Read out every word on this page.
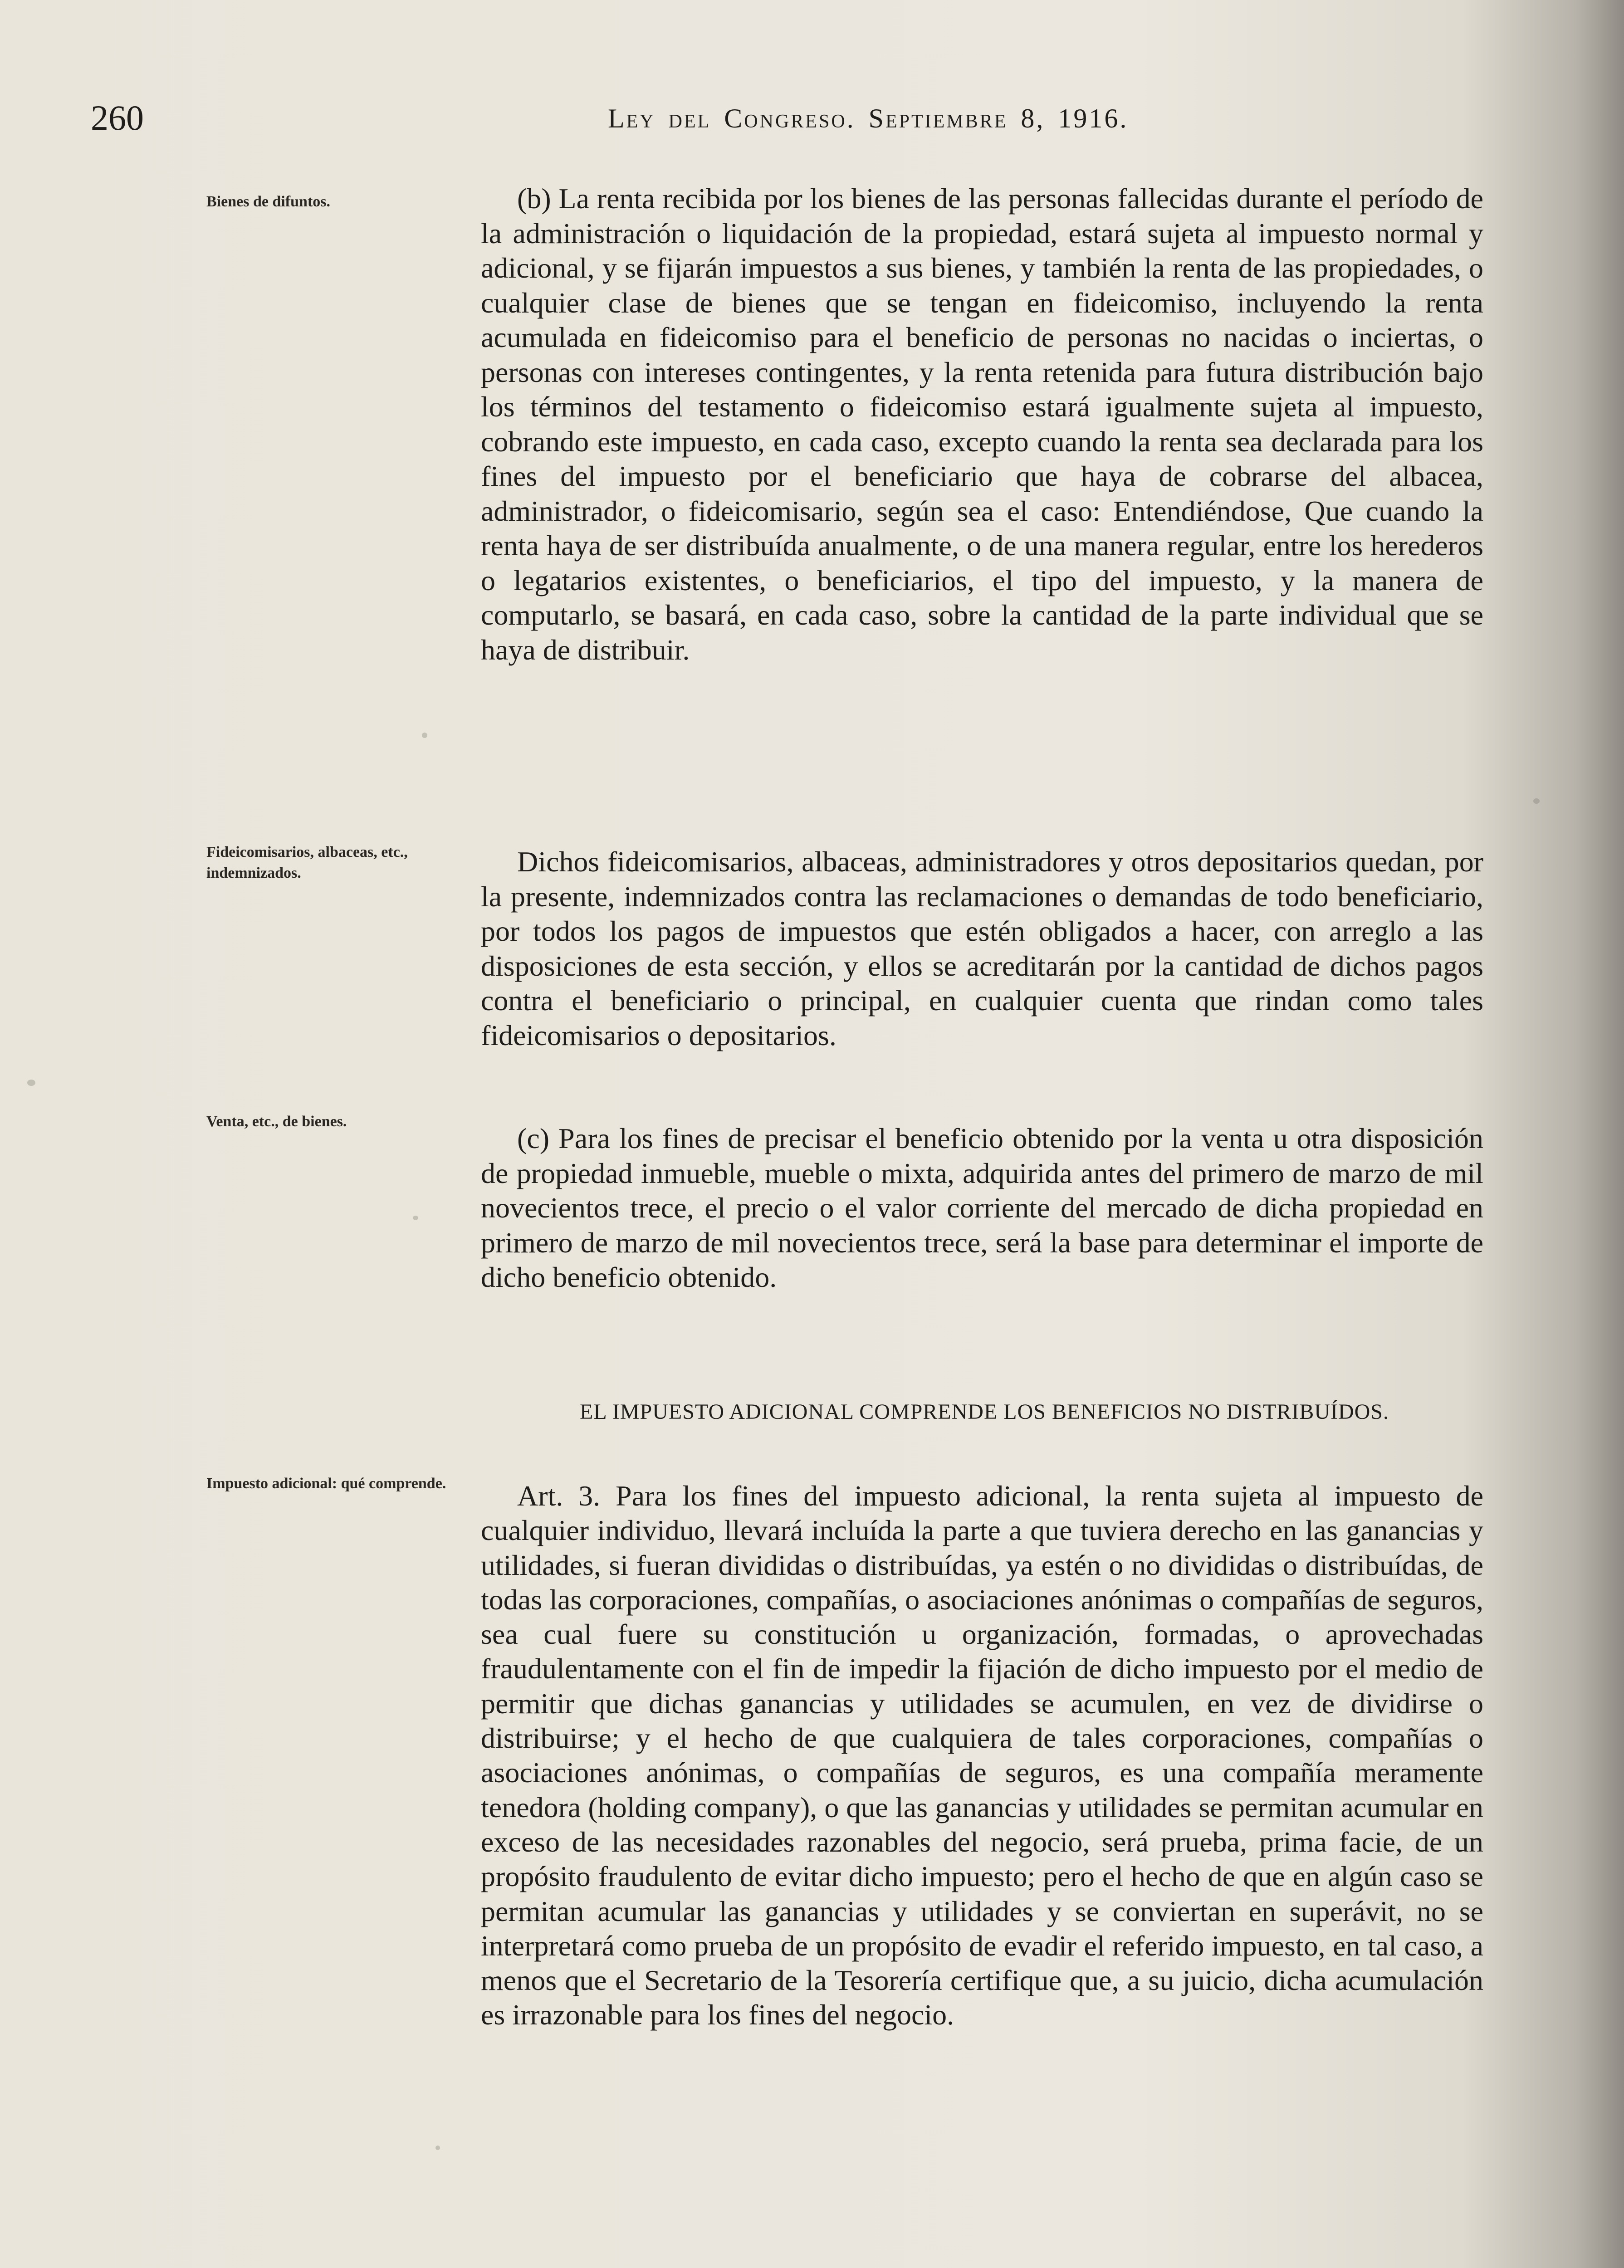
260	Ley del Congreso. Septiembre 8, 1916.
Bienes de difuntos.
Fideicomisarios, albaceas, etc., indemnizados.
Venta, etc., de bienes.
Impuesto adicional: qué comprende.

(b) La renta recibida por los bienes de las personas fallecidas durante el período de la administración o liquidación de la propiedad, estará sujeta al impuesto normal y adicional, y se fijarán impuestos a sus bienes, y también la renta de las propiedades, o cualquier clase de bienes que se tengan en fideicomiso, incluyendo la renta acumulada en fideicomiso para el beneficio de personas no nacidas o inciertas, o personas con intereses contingentes, y la renta retenida para futura distribución bajo los términos del testamento o fideicomiso estará igualmente sujeta al impuesto, cobrando este impuesto, en cada caso, excepto cuando la renta sea declarada para los fines del impuesto por el beneficiario que haya de cobrarse del albacea, administrador, o fideicomisario, según sea el caso: Entendiéndose, Que cuando la renta haya de ser distribuída anualmente, o de una manera regular, entre los herederos o legatarios existentes, o beneficiarios, el tipo del impuesto, y la manera de computarlo, se basará, en cada caso, sobre la cantidad de la parte individual que se haya de distribuir.

Dichos fideicomisarios, albaceas, administradores y otros depositarios quedan, por la presente, indemnizados contra las reclamaciones o demandas de todo beneficiario, por todos los pagos de impuestos que estén obligados a hacer, con arreglo a las disposiciones de esta sección, y ellos se acreditarán por la cantidad de dichos pagos contra el beneficiario o principal, en cualquier cuenta que rindan como tales fideicomisarios o depositarios.

(c) Para los fines de precisar el beneficio obtenido por la venta u otra disposición de propiedad inmueble, mueble o mixta, adquirida antes del primero de marzo de mil novecientos trece, el precio o el valor corriente del mercado de dicha propiedad en primero de marzo de mil novecientos trece, será la base para determinar el importe de dicho beneficio obtenido.

EL IMPUESTO ADICIONAL COMPRENDE LOS BENEFICIOS NO DISTRIBUÍDOS.

Art. 3. Para los fines del impuesto adicional, la renta sujeta al impuesto de cualquier individuo, llevará incluída la parte a que tuviera derecho en las ganancias y utilidades, si fueran divididas o distribuídas, ya estén o no divididas o distribuídas, de todas las corporaciones, compañías, o asociaciones anónimas o compañías de seguros, sea cual fuere su constitución u organización, formadas, o aprovechadas fraudulentamente con el fin de impedir la fijación de dicho impuesto por el medio de permitir que dichas ganancias y utilidades se acumulen, en vez de dividirse o distribuirse; y el hecho de que cualquiera de tales corporaciones, compañías o asociaciones anónimas, o compañías de seguros, es una compañía meramente tenedora (holding company), o que las ganancias y utilidades se permitan acumular en exceso de las necesidades razonables del negocio, será prueba, prima facie, de un propósito fraudulento de evitar dicho impuesto; pero el hecho de que en algún caso se permitan acumular las ganancias y utilidades y se conviertan en superávit, no se interpretará como prueba de un propósito de evadir el referido impuesto, en tal caso, a menos que el Secretario de la Tesorería certifique que, a su juicio, dicha acumulación es irrazonable para los fines del negocio.
